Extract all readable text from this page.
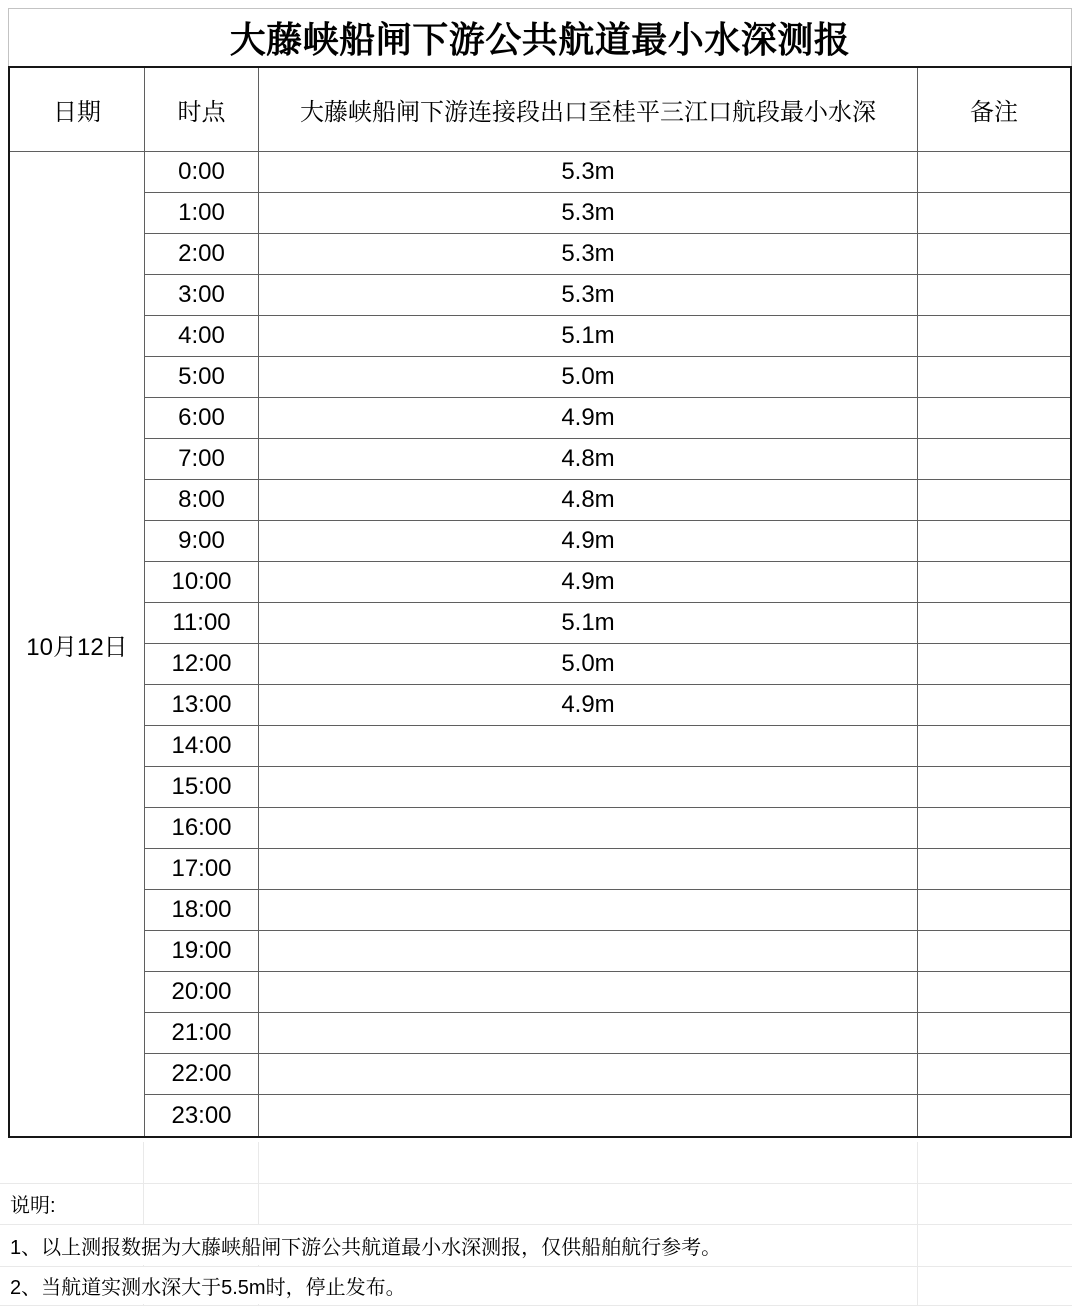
大藤峡船闸下游公共航道最小水深测报
日期	时点	大藤峡船闸下游连接段出口至桂平三江口航段最小水深	备注
10月12日
0:00	5.3m
1:00	5.3m
2:00	5.3m
3:00	5.3m
4:00	5.1m
5:00	5.0m
6:00	4.9m
7:00	4.8m
8:00	4.8m
9:00	4.9m
10:00	4.9m
11:00	5.1m
12:00	5.0m
13:00	4.9m
14:00
15:00
16:00
17:00
18:00
19:00
20:00
21:00
22:00
23:00
说明:
1、以上测报数据为大藤峡船闸下游公共航道最小水深测报，仅供船舶航行参考。
2、当航道实测水深大于5.5m时，停止发布。
